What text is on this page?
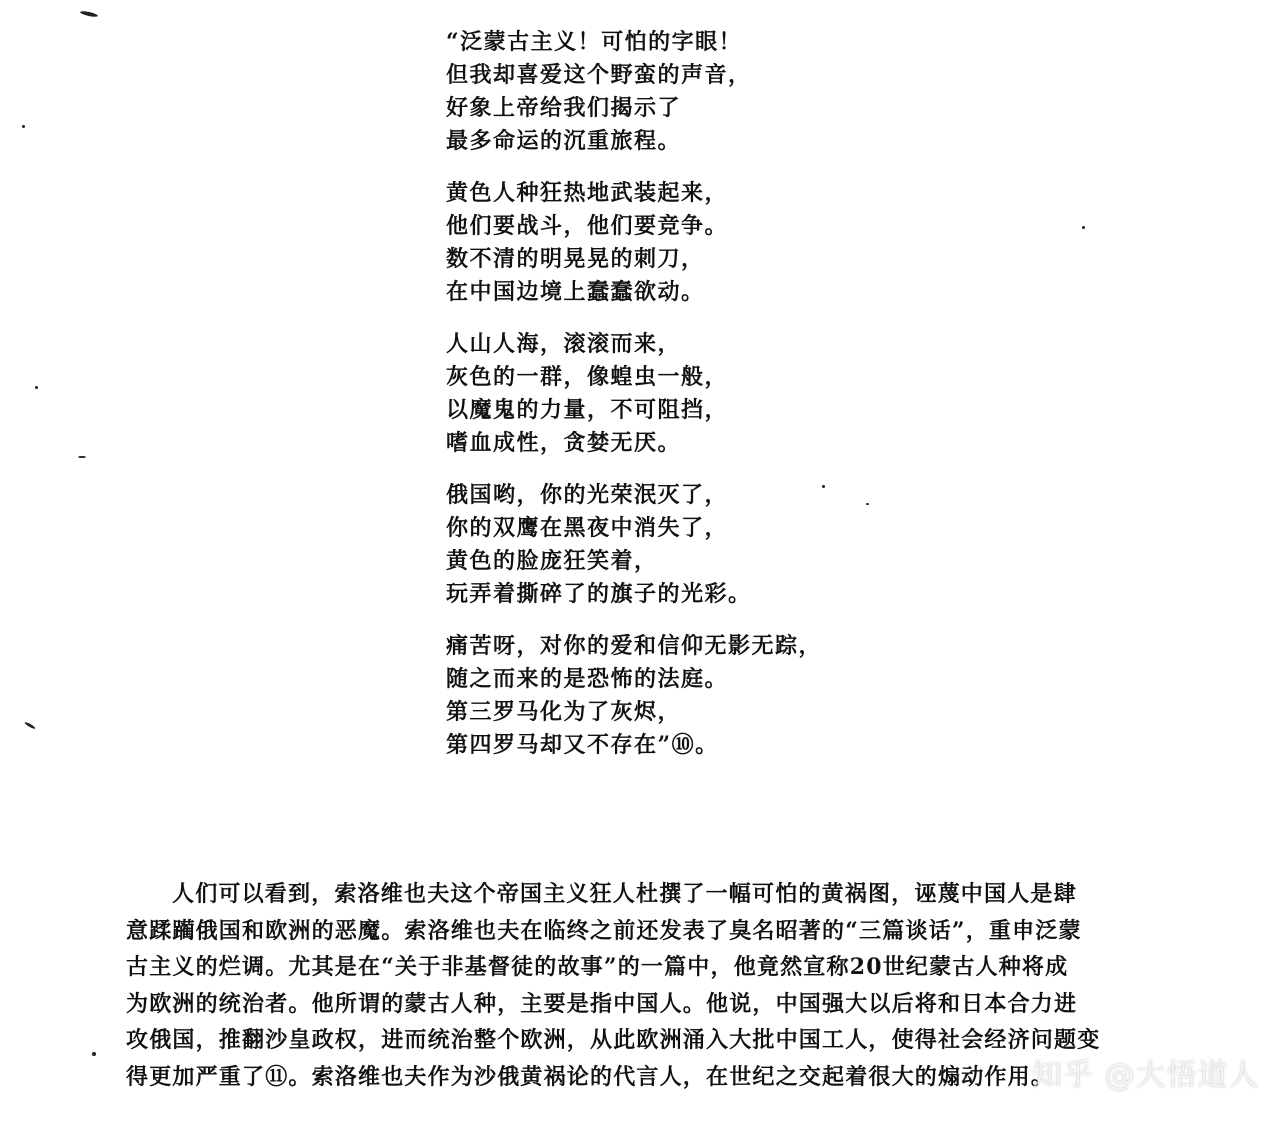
“泛蒙古主义！可怕的字眼！
但我却喜爱这个野蛮的声音，
好象上帝给我们揭示了
最多命运的沉重旅程。
黄色人种狂热地武装起来，
他们要战斗，他们要竞争。
数不清的明晃晃的刺刀，
在中国边境上蠢蠢欲动。
人山人海，滚滚而来，
灰色的一群，像蝗虫一般，
以魔鬼的力量，不可阻挡，
嗜血成性，贪婪无厌。
俄国哟，你的光荣泯灭了，
你的双鹰在黑夜中消失了，
黄色的脸庞狂笑着，
玩弄着撕碎了的旗子的光彩。
痛苦呀，对你的爱和信仰无影无踪，
随之而来的是恐怖的法庭。
第三罗马化为了灰烬，
第四罗马却又不存在”⑩。
人们可以看到，索洛维也夫这个帝国主义狂人杜撰了一幅可怕的黄祸图，诬蔑中国人是肆
意蹂躏俄国和欧洲的恶魔。索洛维也夫在临终之前还发表了臭名昭著的“三篇谈话”，重申泛蒙
古主义的烂调。尤其是在“关于非基督徒的故事”的一篇中，他竟然宣称20世纪蒙古人种将成
为欧洲的统治者。他所谓的蒙古人种，主要是指中国人。他说，中国强大以后将和日本合力进
攻俄国，推翻沙皇政权，进而统治整个欧洲，从此欧洲涌入大批中国工人，使得社会经济问题变
得更加严重了⑪。索洛维也夫作为沙俄黄祸论的代言人，在世纪之交起着很大的煽动作用。
知乎 @大悟道人
